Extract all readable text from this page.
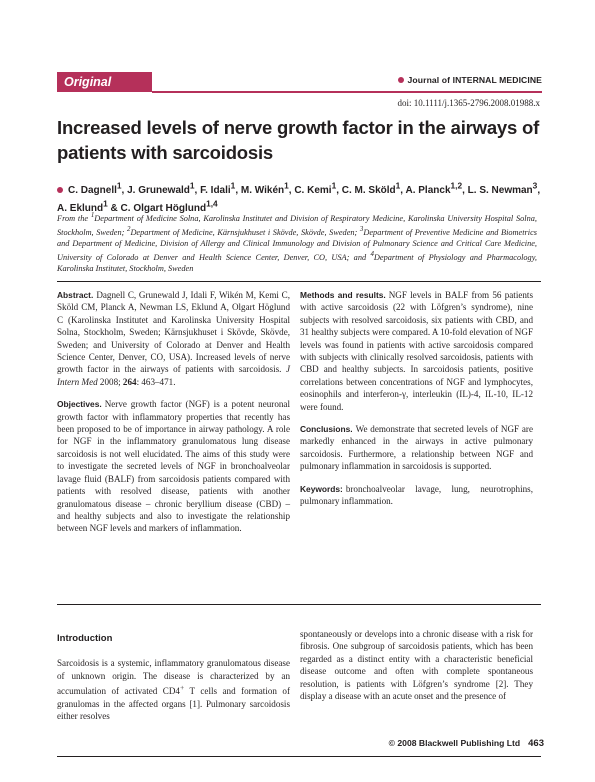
Original Article
Journal of INTERNAL MEDICINE
doi: 10.1111/j.1365-2796.2008.01988.x
Increased levels of nerve growth factor in the airways of patients with sarcoidosis
C. Dagnell$^1$, J. Grunewald$^1$, F. Idali$^1$, M. Wikén$^1$, C. Kemi$^1$, C. M. Sköld$^1$, A. Planck$^{1,2}$, L. S. Newman$^3$, A. Eklund$^1$ & C. Olgart Höglund$^{1,4}$
From the $^1$Department of Medicine Solna, Karolinska Institutet and Division of Respiratory Medicine, Karolinska University Hospital Solna, Stockholm, Sweden; $^2$Department of Medicine, Kärnsjukhuset i Skövde, Skövde, Sweden; $^3$Department of Preventive Medicine and Biometrics and Department of Medicine, Division of Allergy and Clinical Immunology and Division of Pulmonary Science and Critical Care Medicine, University of Colorado at Denver and Health Science Center, Denver, CO, USA; and $^4$Department of Physiology and Pharmacology, Karolinska Institutet, Stockholm, Sweden

Abstract. Dagnell C, Grunewald J, Idali F, Wikén M, Kemi C, Sköld CM, Planck A, Newman LS, Eklund A, Olgart Höglund C (Karolinska Institutet and Karolinska University Hospital Solna, Stockholm, Sweden; Kärnsjukhuset i Skövde, Skövde, Sweden; and University of Colorado at Denver and Health Science Center, Denver, CO, USA). Increased levels of nerve growth factor in the airways of patients with sarcoidosis. J Intern Med 2008; 264: 463–471.

Objectives. Nerve growth factor (NGF) is a potent neuronal growth factor with inflammatory properties that recently has been proposed to be of importance in airway pathology. A role for NGF in the inflammatory granulomatous lung disease sarcoidosis is not well elucidated. The aims of this study were to investigate the secreted levels of NGF in bronchoalveolar lavage fluid (BALF) from sarcoidosis patients compared with patients with resolved disease, patients with another granulomatous disease – chronic beryllium disease (CBD) – and healthy subjects and also to investigate the relationship between NGF levels and markers of inflammation.

Methods and results. NGF levels in BALF from 56 patients with active sarcoidosis (22 with Löfgren’s syndrome), nine subjects with resolved sarcoidosis, six patients with CBD, and 31 healthy subjects were compared. A 10-fold elevation of NGF levels was found in patients with active sarcoidosis compared with subjects with clinically resolved sarcoidosis, patients with CBD and healthy subjects. In sarcoidosis patients, positive correlations between concentrations of NGF and lymphocytes, eosinophils and interferon-γ, interleukin (IL)-4, IL-10, IL-12 were found.

Conclusions. We demonstrate that secreted levels of NGF are markedly enhanced in the airways in active pulmonary sarcoidosis. Furthermore, a relationship between NGF and pulmonary inflammation in sarcoidosis is supported.

Keywords: bronchoalveolar lavage, lung, neurotrophins, pulmonary inflammation.

Introduction

Sarcoidosis is a systemic, inflammatory granulomatous disease of unknown origin. The disease is characterized by an accumulation of activated CD4+ T cells and formation of granulomas in the affected organs [1]. Pulmonary sarcoidosis either resolves

spontaneously or develops into a chronic disease with a risk for fibrosis. One subgroup of sarcoidosis patients, which has been regarded as a distinct entity with a characteristic beneficial disease outcome and often with complete spontaneous resolution, is patients with Löfgren’s syndrome [2]. They display a disease with an acute onset and the presence of

© 2008 Blackwell Publishing Ltd 463
